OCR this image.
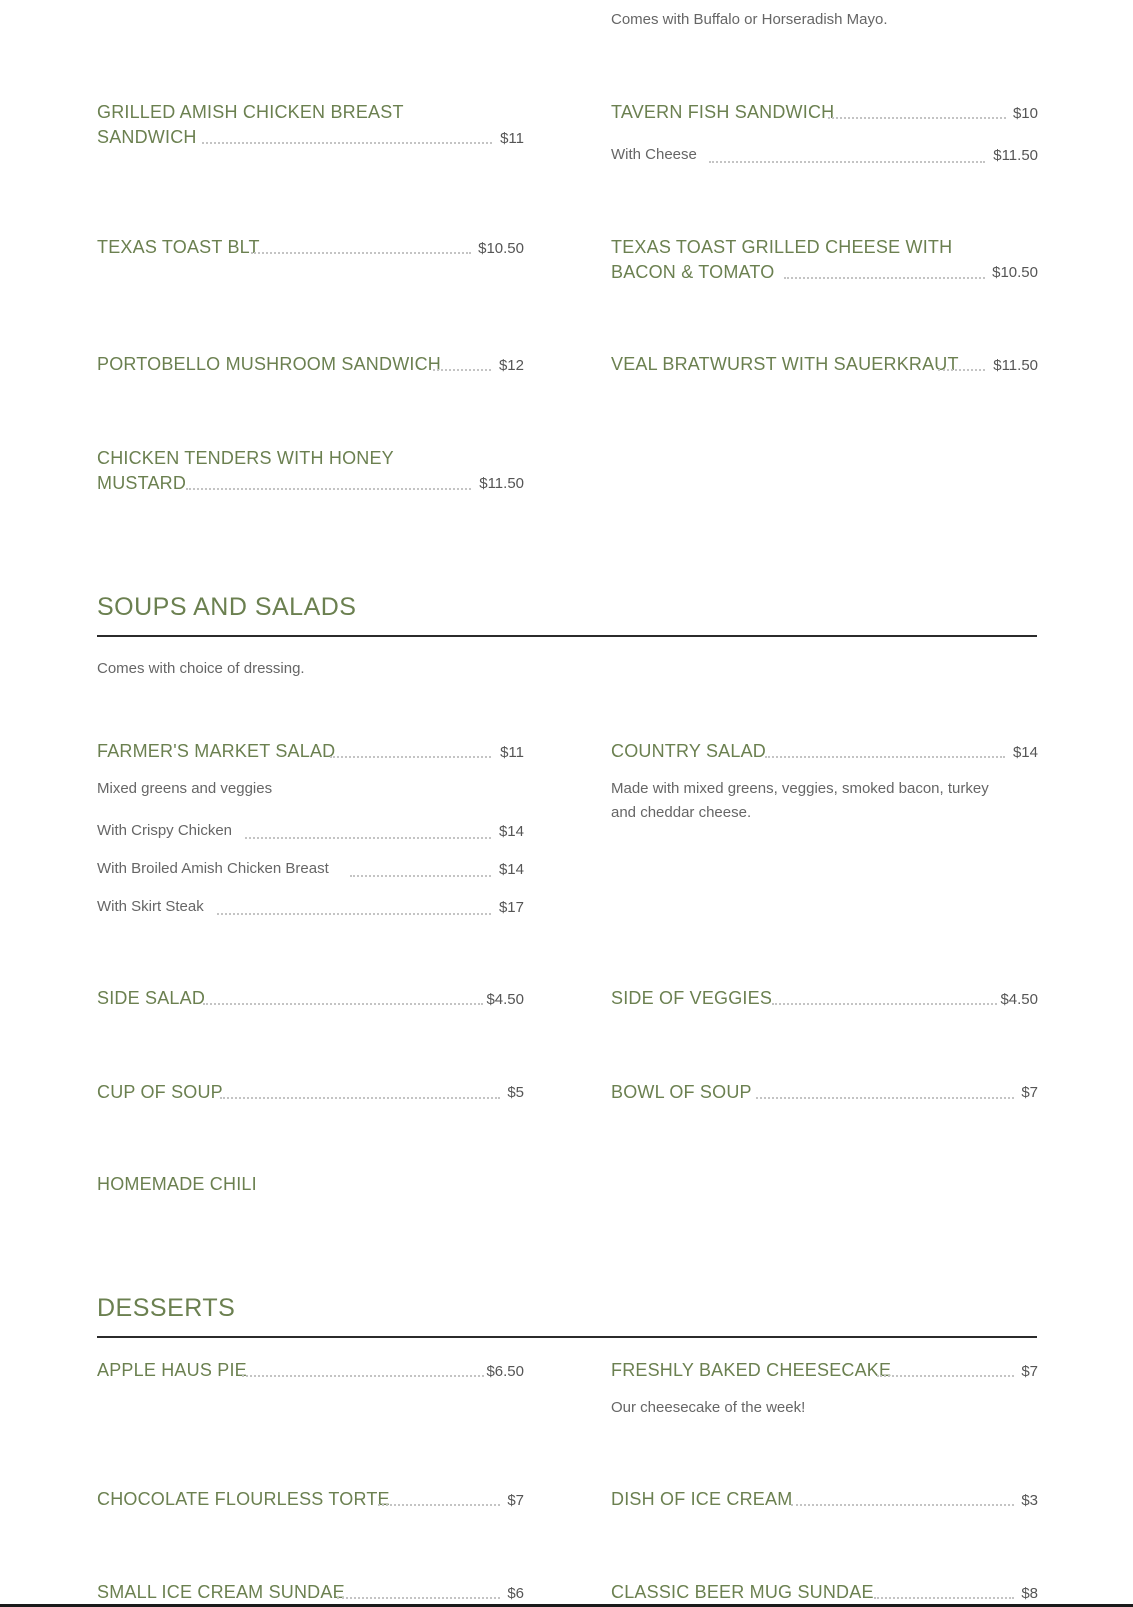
Comes with Buffalo or Horseradish Mayo.
GRILLED AMISH CHICKEN BREAST
SANDWICH	$11
TAVERN FISH SANDWICH	$10
With Cheese	$11.50
TEXAS TOAST BLT	$10.50	TEXAS TOAST GRILLED CHEESE WITH
BACON & TOMATO	$10.50
PORTOBELLO MUSHROOM SANDWICH	$12	VEAL BRATWURST WITH SAUERKRAUT $11.50
CHICKEN TENDERS WITH HONEY
MUSTARD	$11.50
SOUPS AND SALADS
Comes with choice of dressing.
FARMER'S MARKET SALAD	$11
Mixed greens and veggies
With Crispy Chicken	$14
With Broiled Amish Chicken Breast	$14
With Skirt Steak	$17
COUNTRY SALAD	$14
Made with mixed greens, veggies, smoked bacon, turkey
and cheddar cheese.
SIDE SALAD	$4.50	SIDE OF VEGGIES	$4.50
CUP OF SOUP	$5	BOWL OF SOUP	$7
HOMEMADE CHILI
DESSERTS
APPLE HAUS PIE	$6.50	FRESHLY BAKED CHEESECAKE	$7
Our cheesecake of the week!
CHOCOLATE FLOURLESS TORTE	$7	DISH OF ICE CREAM	$3
SMALL ICE CREAM SUNDAE	$6	CLASSIC BEER MUG SUNDAE	$8
